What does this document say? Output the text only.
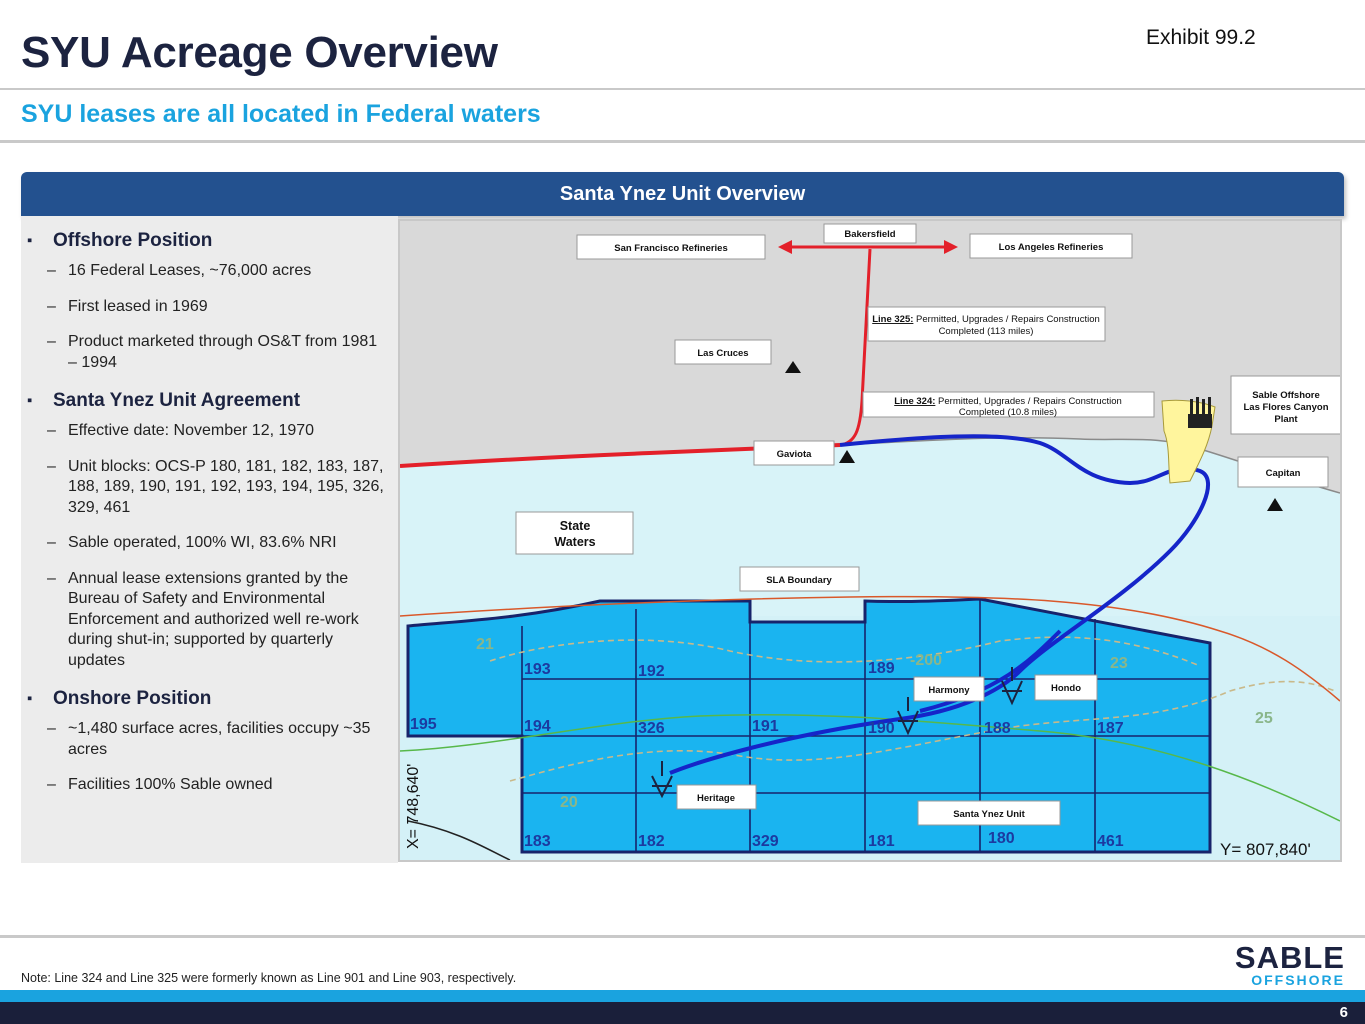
SYU Acreage Overview	Exhibit 99.2
SYU leases are all located in Federal waters
Santa Ynez Unit Overview
▪ Offshore Position
– 16 Federal Leases, ~76,000 acres
– First leased in 1969
– Product marketed through OS&T from 1981 – 1994
▪ Santa Ynez Unit Agreement
– Effective date: November 12, 1970
– Unit blocks: OCS-P 180, 181, 182, 183, 187, 188, 189, 190, 191, 192, 193, 194, 195, 326, 329, 461
– Sable operated, 100% WI, 83.6% NRI
– Annual lease extensions granted by the Bureau of Safety and Environmental Enforcement and authorized well re-work during shut-in; supported by quarterly updates
▪ Onshore Position
– ~1,480 surface acres, facilities occupy ~35 acres
– Facilities 100% Sable owned
21
193	192	189	23
195	194	326	191	190	188	187
20
183	182	329	181	180	461
-200
25
Y= 807,840'
X= 748,640'
Bakersfield
San Francisco Refineries	Los Angeles Refineries
Line 325: Permitted, Upgrades / Repairs Construction
Completed (113 miles)
Las Cruces
Line 324: Permitted, Upgrades / Repairs Construction
Completed (10.8 miles)
Sable Offshore
Las Flores Canyon
Plant
Gaviota
Capitan
State
Waters
SLA Boundary
Harmony	Hondo
Heritage
Santa Ynez Unit
Note: Line 324 and Line 325 were formerly known as Line 901 and Line 903, respectively.
SABLE
OFFSHORE
6
